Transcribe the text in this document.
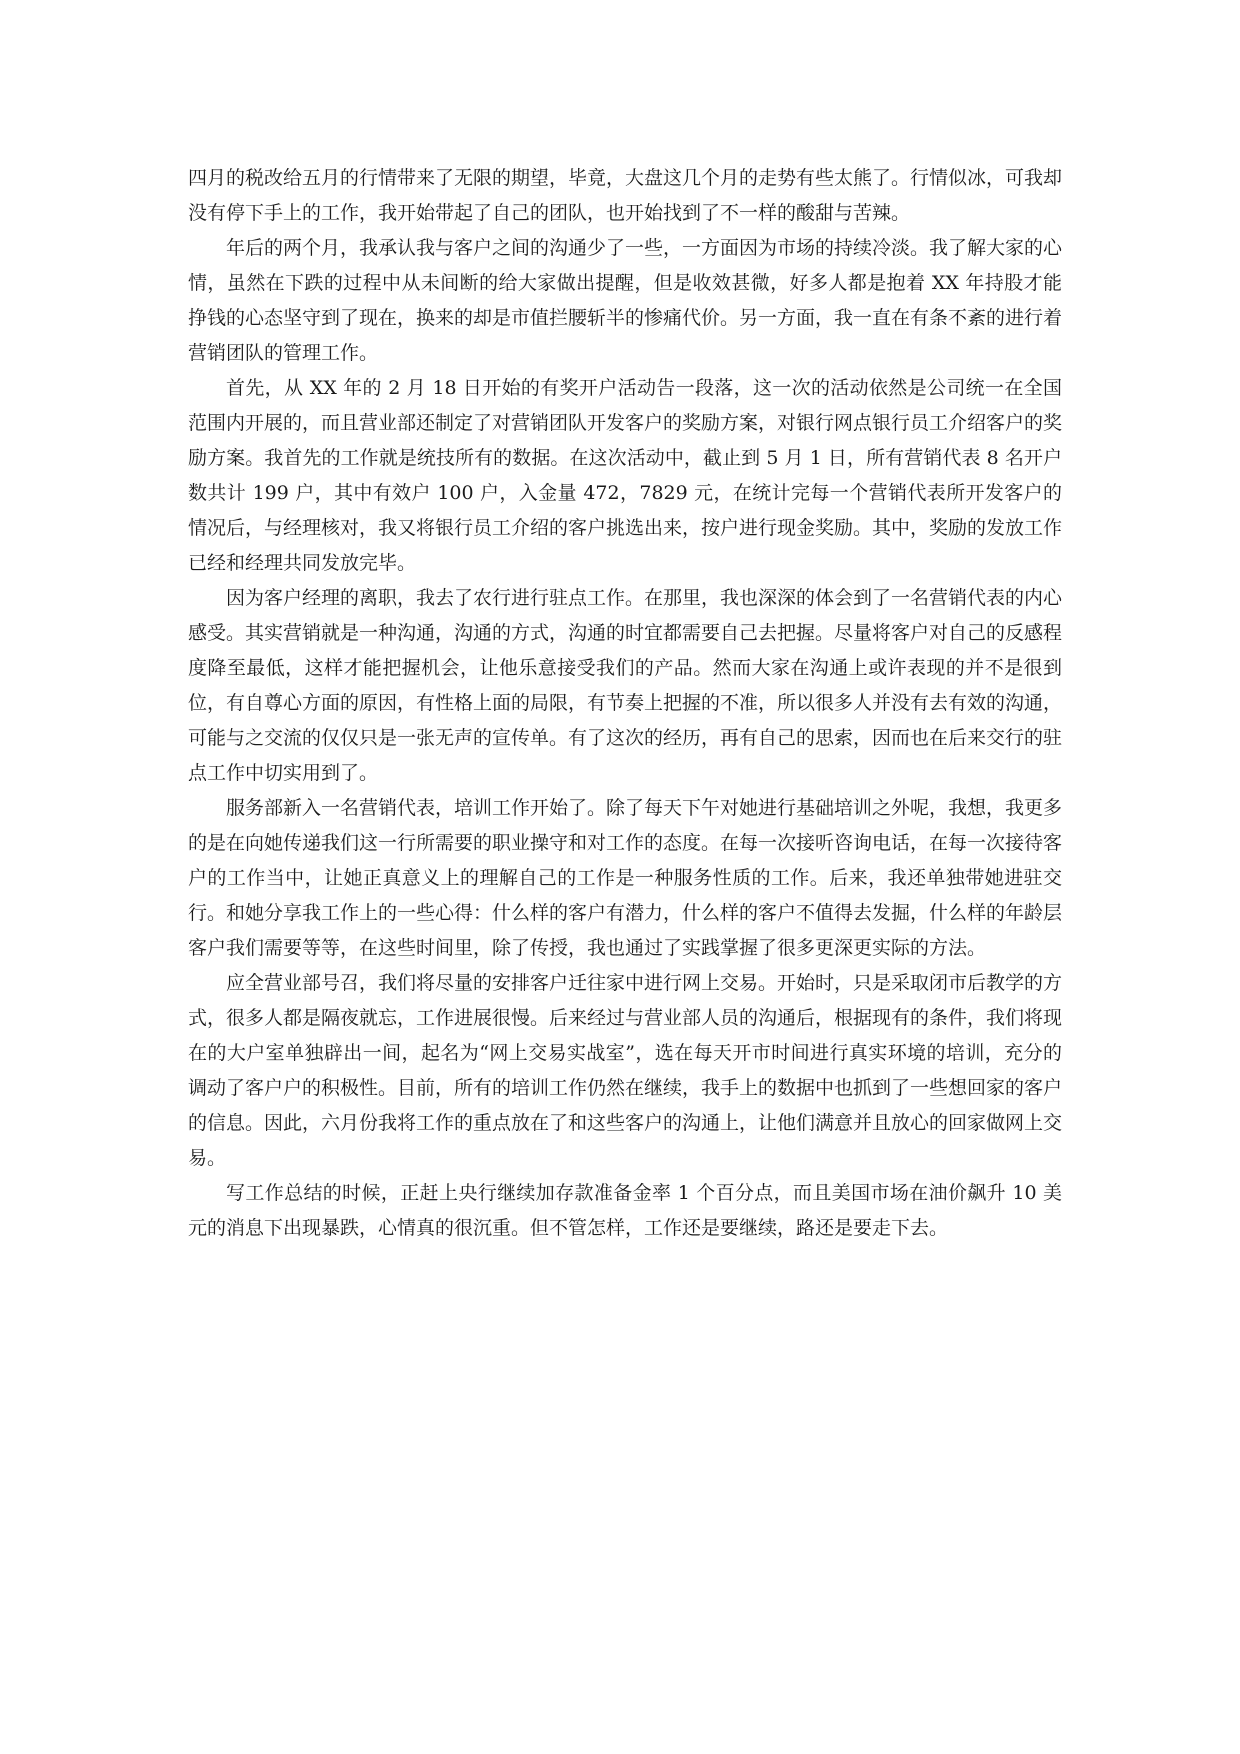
四月的税改给五月的行情带来了无限的期望，毕竟，大盘这几个月的走势有些太熊了。行情似冰，可我却没有停下手上的工作，我开始带起了自己的团队，也开始找到了不一样的酸甜与苦辣。

年后的两个月，我承认我与客户之间的沟通少了一些，一方面因为市场的持续冷淡。我了解大家的心情，虽然在下跌的过程中从未间断的给大家做出提醒，但是收效甚微，好多人都是抱着 XX 年持股才能挣钱的心态坚守到了现在，换来的却是市值拦腰斩半的惨痛代价。另一方面，我一直在有条不紊的进行着营销团队的管理工作。

首先，从 XX 年的 2 月 18 日开始的有奖开户活动告一段落，这一次的活动依然是公司统一在全国范围内开展的，而且营业部还制定了对营销团队开发客户的奖励方案，对银行网点银行员工介绍客户的奖励方案。我首先的工作就是统技所有的数据。在这次活动中，截止到 5 月 1 日，所有营销代表 8 名开户数共计 199 户，其中有效户 100 户，入金量 472，7829 元，在统计完每一个营销代表所开发客户的情况后，与经理核对，我又将银行员工介绍的客户挑选出来，按户进行现金奖励。其中，奖励的发放工作已经和经理共同发放完毕。

因为客户经理的离职，我去了农行进行驻点工作。在那里，我也深深的体会到了一名营销代表的内心感受。其实营销就是一种沟通，沟通的方式，沟通的时宜都需要自己去把握。尽量将客户对自己的反感程度降至最低，这样才能把握机会，让他乐意接受我们的产品。然而大家在沟通上或许表现的并不是很到位，有自尊心方面的原因，有性格上面的局限，有节奏上把握的不准，所以很多人并没有去有效的沟通，可能与之交流的仅仅只是一张无声的宣传单。有了这次的经历，再有自己的思索，因而也在后来交行的驻点工作中切实用到了。

服务部新入一名营销代表，培训工作开始了。除了每天下午对她进行基础培训之外呢，我想，我更多的是在向她传递我们这一行所需要的职业操守和对工作的态度。在每一次接听咨询电话，在每一次接待客户的工作当中，让她正真意义上的理解自己的工作是一种服务性质的工作。后来，我还单独带她进驻交行。和她分享我工作上的一些心得：什么样的客户有潜力，什么样的客户不值得去发掘，什么样的年龄层客户我们需要等等，在这些时间里，除了传授，我也通过了实践掌握了很多更深更实际的方法。

应全营业部号召，我们将尽量的安排客户迁往家中进行网上交易。开始时，只是采取闭市后教学的方式，很多人都是隔夜就忘，工作进展很慢。后来经过与营业部人员的沟通后，根据现有的条件，我们将现在的大户室单独辟出一间，起名为“网上交易实战室”，选在每天开市时间进行真实环境的培训，充分的调动了客户户的积极性。目前，所有的培训工作仍然在继续，我手上的数据中也抓到了一些想回家的客户的信息。因此，六月份我将工作的重点放在了和这些客户的沟通上，让他们满意并且放心的回家做网上交易。

写工作总结的时候，正赶上央行继续加存款准备金率 1 个百分点，而且美国市场在油价飙升 10 美元的消息下出现暴跌，心情真的很沉重。但不管怎样，工作还是要继续，路还是要走下去。
